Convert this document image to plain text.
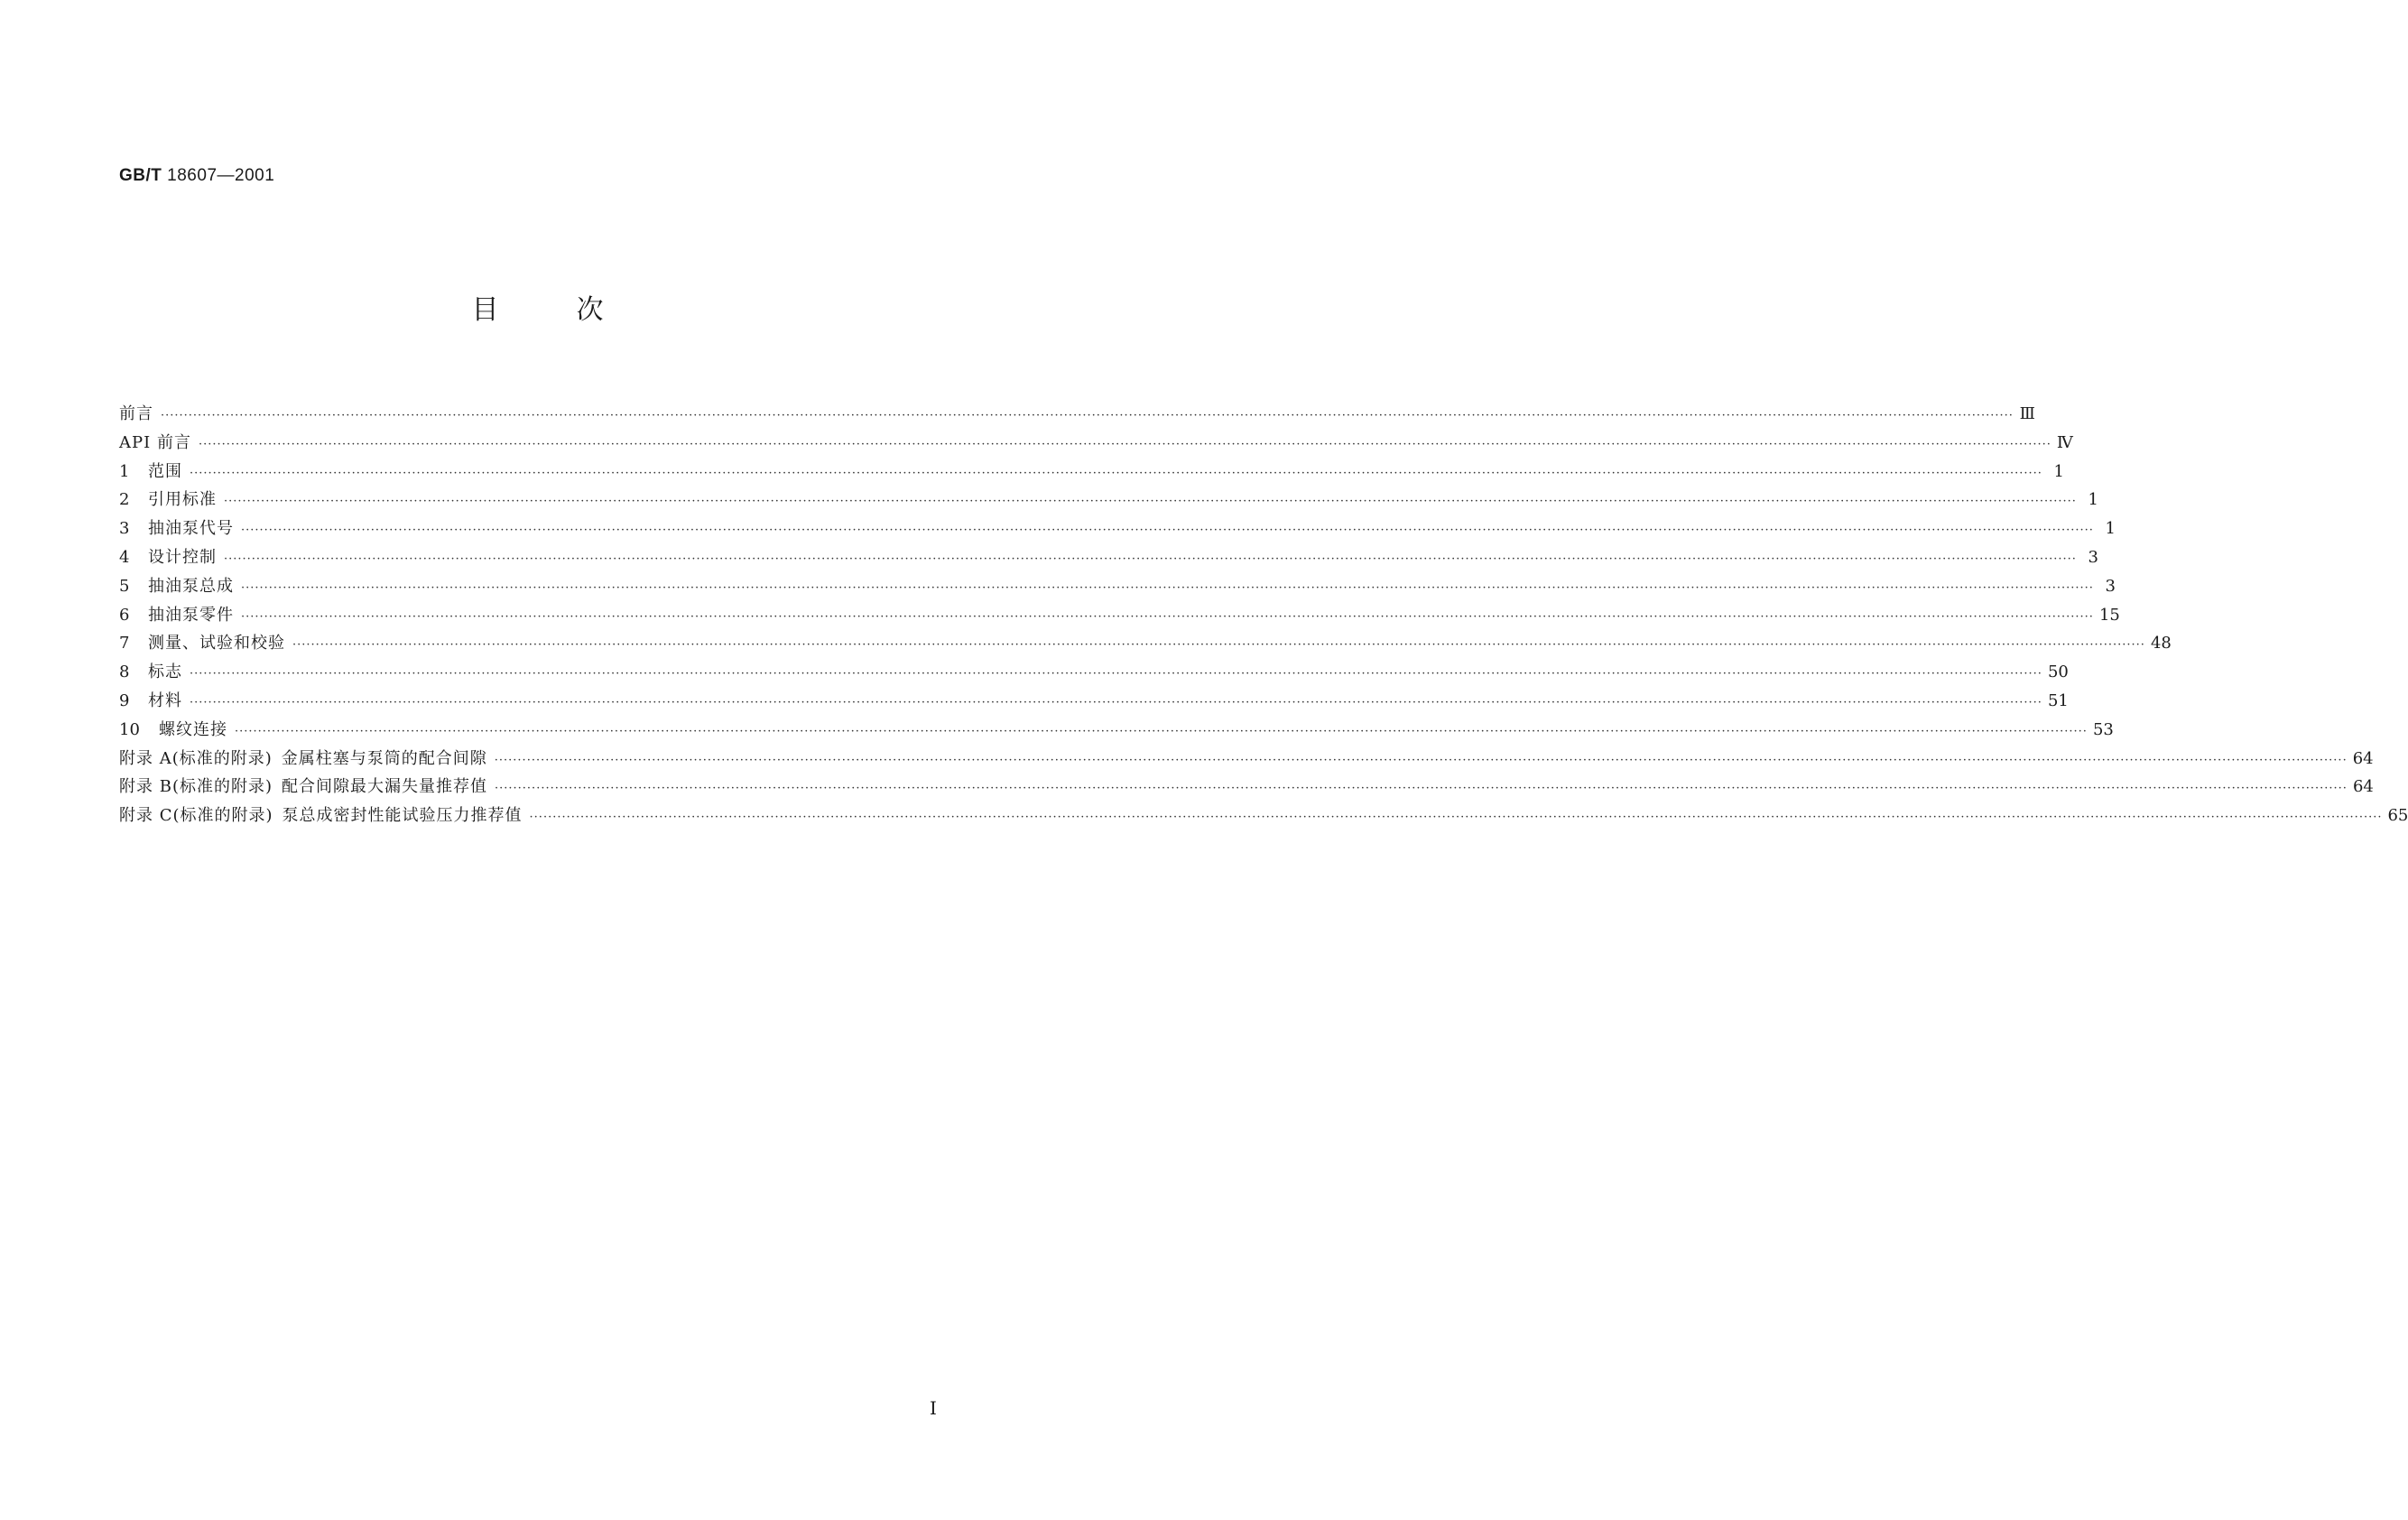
GB/T 18607—2001
目次
前言 ················································································································································································································································································································································································································ Ⅲ
API 前言 ················································································································································································································································································································································································································ Ⅳ
1	范围 ················································································································································································································································································································································································································ 1
2	引用标准 ················································································································································································································································································································································································································ 1
3	抽油泵代号 ················································································································································································································································································································································································································ 1
4	设计控制 ················································································································································································································································································································································································································ 3
5	抽油泵总成 ················································································································································································································································································································································································································ 3
6	抽油泵零件 ················································································································································································································································································································································································································ 15
7	测量、试验和校验 ················································································································································································································································································································································································································ 48
8	标志 ················································································································································································································································································································································································································ 50
9	材料 ················································································································································································································································································································································································································ 51
10	螺纹连接 ················································································································································································································································································································································································································ 53
附录 A(标准的附录) 金属柱塞与泵筒的配合间隙 ················································································································································································································································································································································································································ 64
附录 B(标准的附录) 配合间隙最大漏失量推荐值 ················································································································································································································································································································································································································ 64
附录 C(标准的附录) 泵总成密封性能试验压力推荐值 ················································································································································································································································································································································································································ 65
I
